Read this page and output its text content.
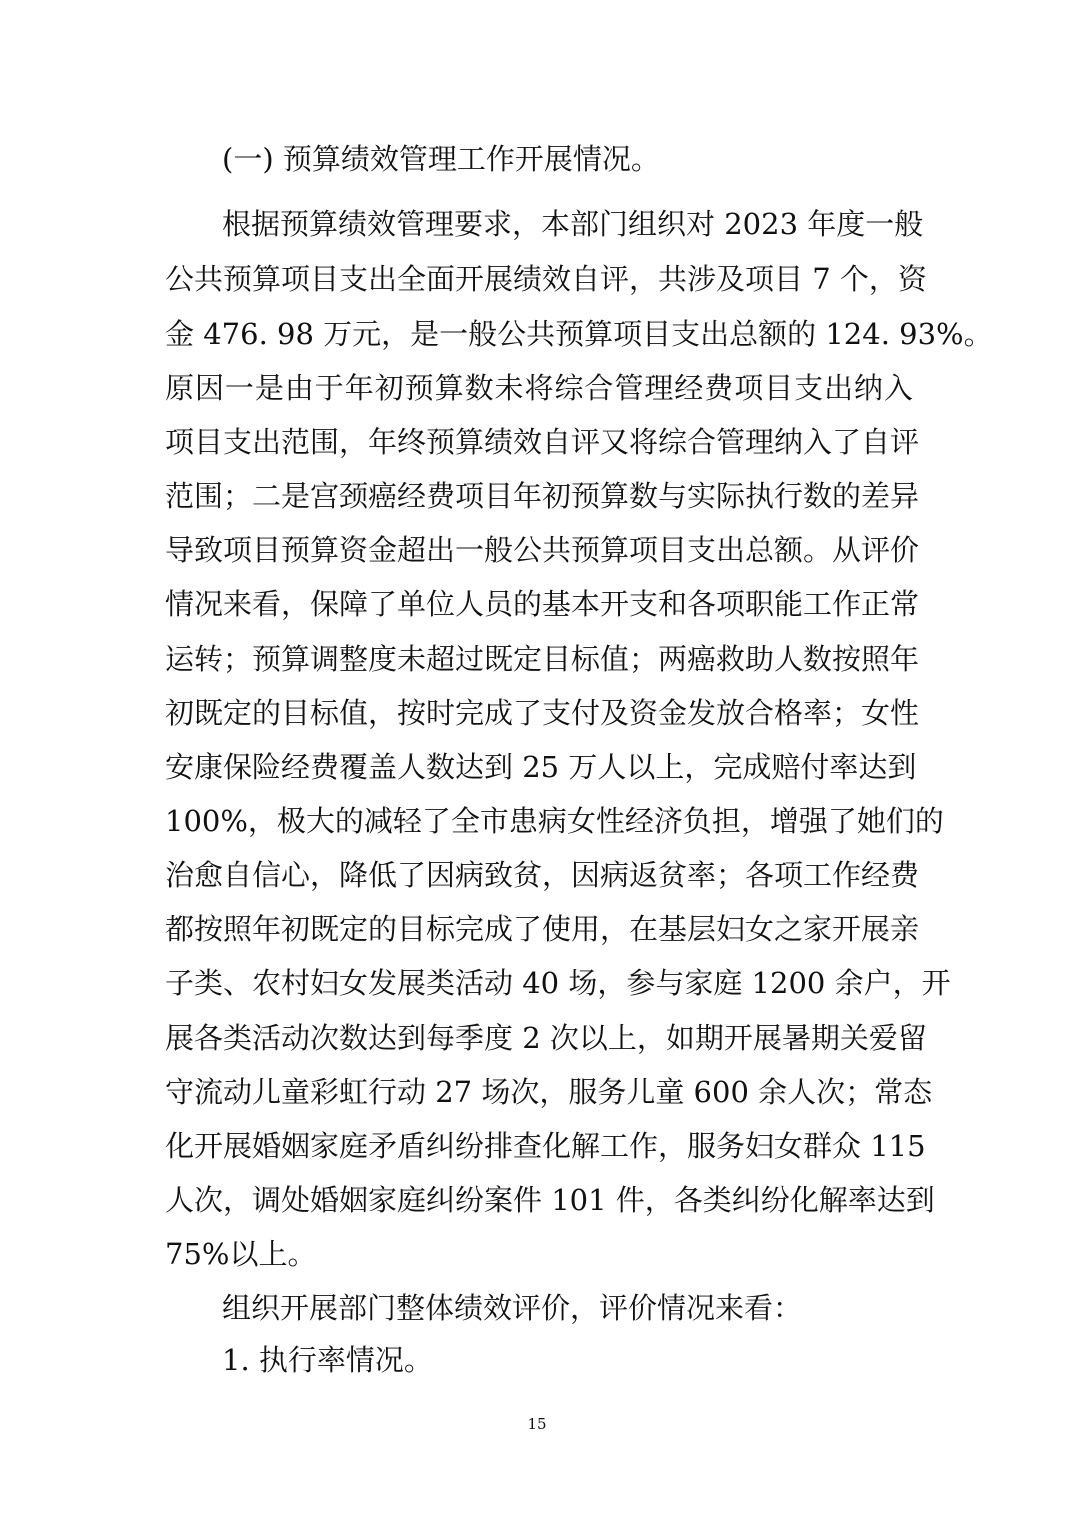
(一) 预算绩效管理工作开展情况。
根据预算绩效管理要求，本部门组织对 2023 年度一般
公共预算项目支出全面开展绩效自评，共涉及项目 7 个，资
金 476. 98 万元，是一般公共预算项目支出总额的 124. 93%。
原因一是由于年初预算数未将综合管理经费项目支出纳入
项目支出范围，年终预算绩效自评又将综合管理纳入了自评
范围；二是宫颈癌经费项目年初预算数与实际执行数的差异
导致项目预算资金超出一般公共预算项目支出总额。从评价
情况来看，保障了单位人员的基本开支和各项职能工作正常
运转；预算调整度未超过既定目标值；两癌救助人数按照年
初既定的目标值，按时完成了支付及资金发放合格率；女性
安康保险经费覆盖人数达到 25 万人以上，完成赔付率达到
100%，极大的减轻了全市患病女性经济负担，增强了她们的
治愈自信心，降低了因病致贫，因病返贫率；各项工作经费
都按照年初既定的目标完成了使用，在基层妇女之家开展亲
子类、农村妇女发展类活动 40 场，参与家庭 1200 余户，开
展各类活动次数达到每季度 2 次以上，如期开展暑期关爱留
守流动儿童彩虹行动 27 场次，服务儿童 600 余人次；常态
化开展婚姻家庭矛盾纠纷排查化解工作，服务妇女群众 115
人次，调处婚姻家庭纠纷案件 101 件，各类纠纷化解率达到
75%以上。
组织开展部门整体绩效评价，评价情况来看：
1. 执行率情况。
15
